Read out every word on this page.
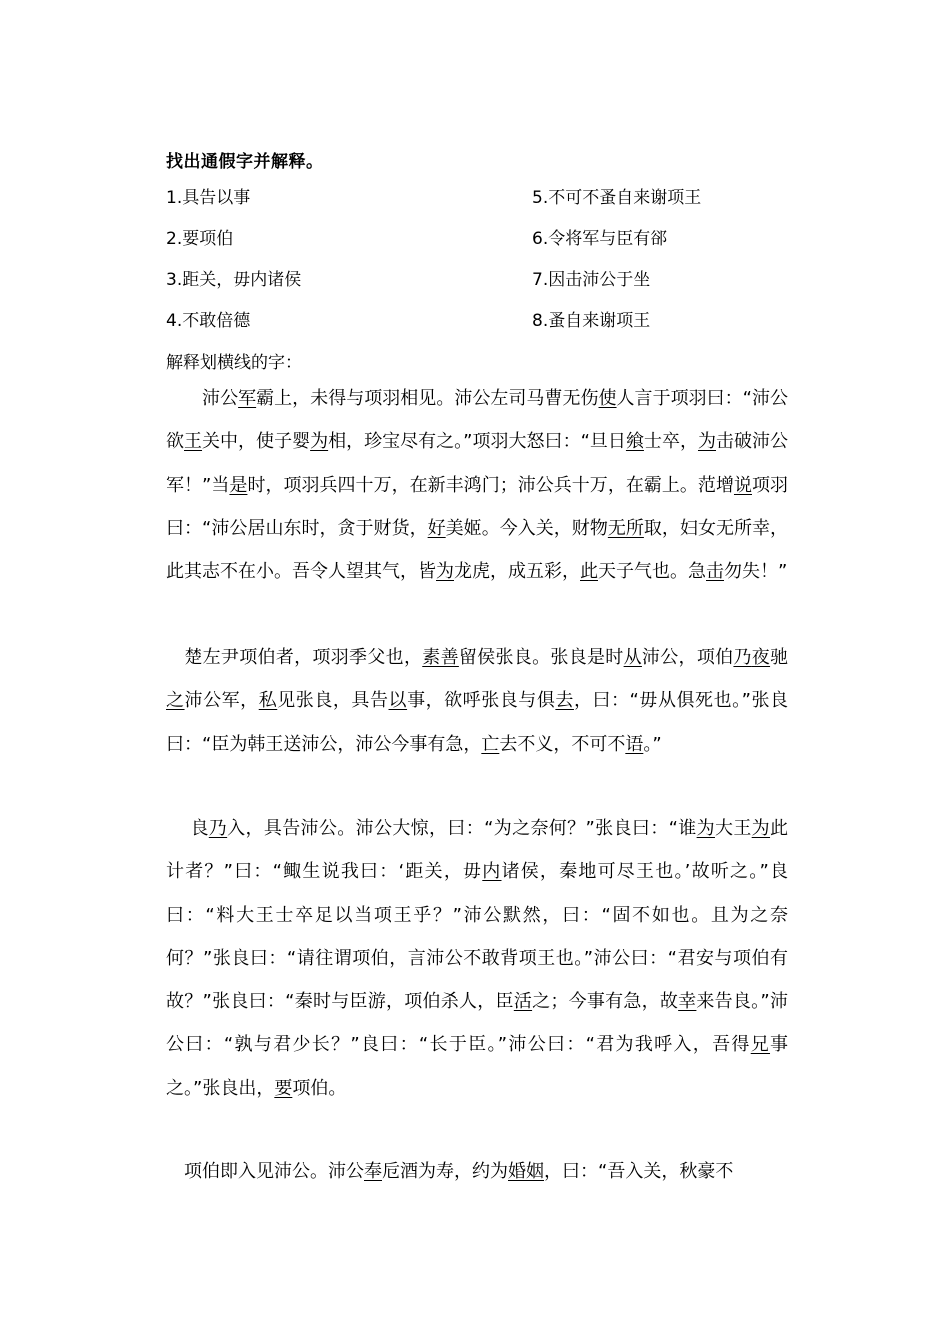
找出通假字并解释。
1.具告以事
2.要项伯
3.距关，毋内诸侯
4.不敢倍德
5.不可不蚤自来谢项王
6.令将军与臣有郤
7.因击沛公于坐
8.蚤自来谢项王
解释划横线的字：

　　沛公军霸上，未得与项羽相见。沛公左司马曹无伤使人言于项羽曰：“沛公欲王关中，使子婴为相，珍宝尽有之。”项羽大怒曰：“旦日飨士卒，为击破沛公军！”当是时，项羽兵四十万，在新丰鸿门；沛公兵十万，在霸上。范增说项羽曰：“沛公居山东时，贪于财货，好美姬。今入关，财物无所取，妇女无所幸，此其志不在小。吾令人望其气，皆为龙虎，成五彩，此天子气也。急击勿失！”

　楚左尹项伯者，项羽季父也，素善留侯张良。张良是时从沛公，项伯乃夜驰之沛公军，私见张良，具告以事，欲呼张良与俱去，曰：“毋从俱死也。”张良曰：“臣为韩王送沛公，沛公今事有急，亡去不义，不可不语。”

　 良乃入，具告沛公。沛公大惊，曰：“为之奈何？”张良曰：“谁为大王为此计者？”曰：“鲰生说我曰：‘距关，毋内诸侯，秦地可尽王也。’故听之。”良曰：“料大王士卒足以当项王乎？”沛公默然，曰：“固不如也。且为之奈何？”张良曰：“请往谓项伯，言沛公不敢背项王也。”沛公曰：“君安与项伯有故？”张良曰：“秦时与臣游，项伯杀人，臣活之；今事有急，故幸来告良。”沛公曰：“孰与君少长？”良曰：“长于臣。”沛公曰：“君为我呼入，吾得兄事之。”张良出，要项伯。

　项伯即入见沛公。沛公奉卮酒为寿，约为婚姻，曰：“吾入关，秋豪不
